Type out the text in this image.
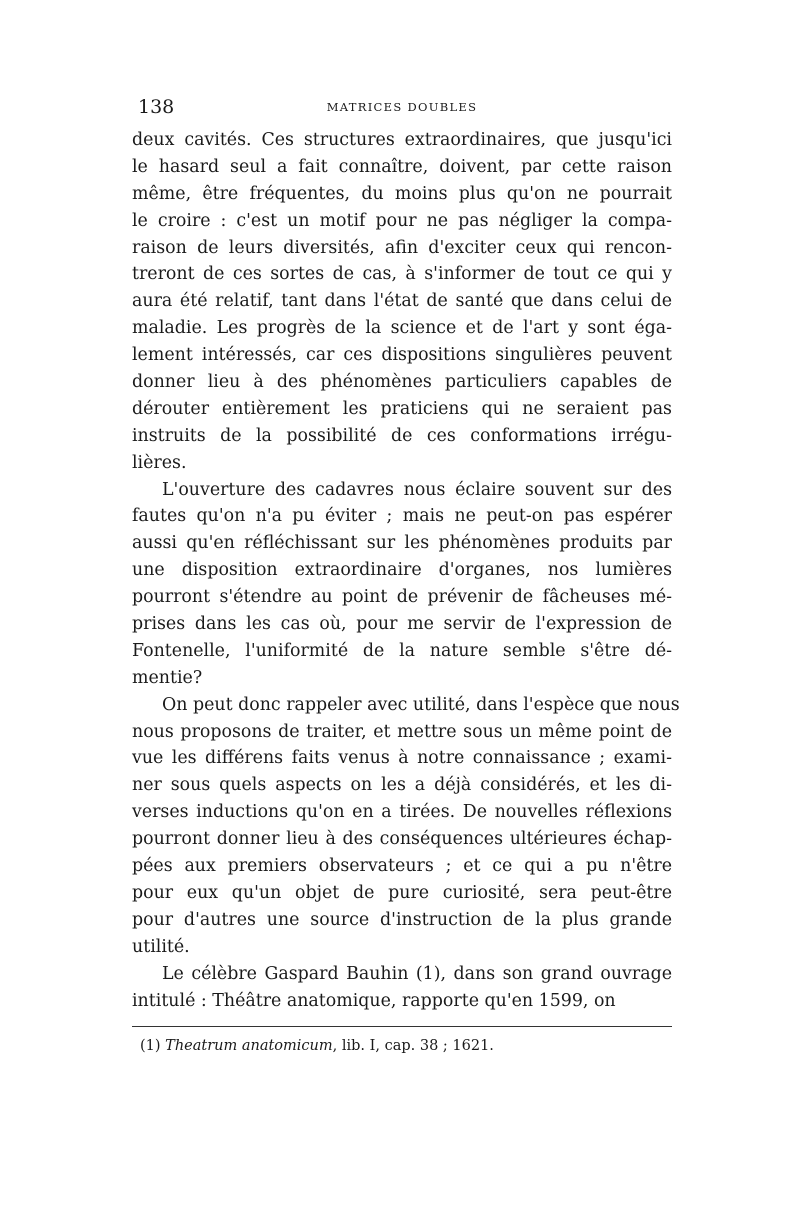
138	MATRICES DOUBLES
deux cavités. Ces structures extraordinaires, que jusqu'ici
le hasard seul a fait connaître, doivent, par cette raison
même, être fréquentes, du moins plus qu'on ne pourrait
le croire : c'est un motif pour ne pas négliger la compa-
raison de leurs diversités, afin d'exciter ceux qui rencon-
treront de ces sortes de cas, à s'informer de tout ce qui y
aura été relatif, tant dans l'état de santé que dans celui de
maladie. Les progrès de la science et de l'art y sont éga-
lement intéressés, car ces dispositions singulières peuvent
donner lieu à des phénomènes particuliers capables de
dérouter entièrement les praticiens qui ne seraient pas
instruits de la possibilité de ces conformations irrégu-
lières.
L'ouverture des cadavres nous éclaire souvent sur des
fautes qu'on n'a pu éviter ; mais ne peut-on pas espérer
aussi qu'en réfléchissant sur les phénomènes produits par
une disposition extraordinaire d'organes, nos lumières
pourront s'étendre au point de prévenir de fâcheuses mé-
prises dans les cas où, pour me servir de l'expression de
Fontenelle, l'uniformité de la nature semble s'être dé-
mentie?
On peut donc rappeler avec utilité, dans l'espèce que nous
nous proposons de traiter, et mettre sous un même point de
vue les différens faits venus à notre connaissance ; exami-
ner sous quels aspects on les a déjà considérés, et les di-
verses inductions qu'on en a tirées. De nouvelles réflexions
pourront donner lieu à des conséquences ultérieures échap-
pées aux premiers observateurs ; et ce qui a pu n'être
pour eux qu'un objet de pure curiosité, sera peut-être
pour d'autres une source d'instruction de la plus grande
utilité.
Le célèbre Gaspard Bauhin (1), dans son grand ouvrage
intitulé : Théâtre anatomique, rapporte qu'en 1599, on
(1) Theatrum anatomicum, lib. I, cap. 38 ; 1621.
